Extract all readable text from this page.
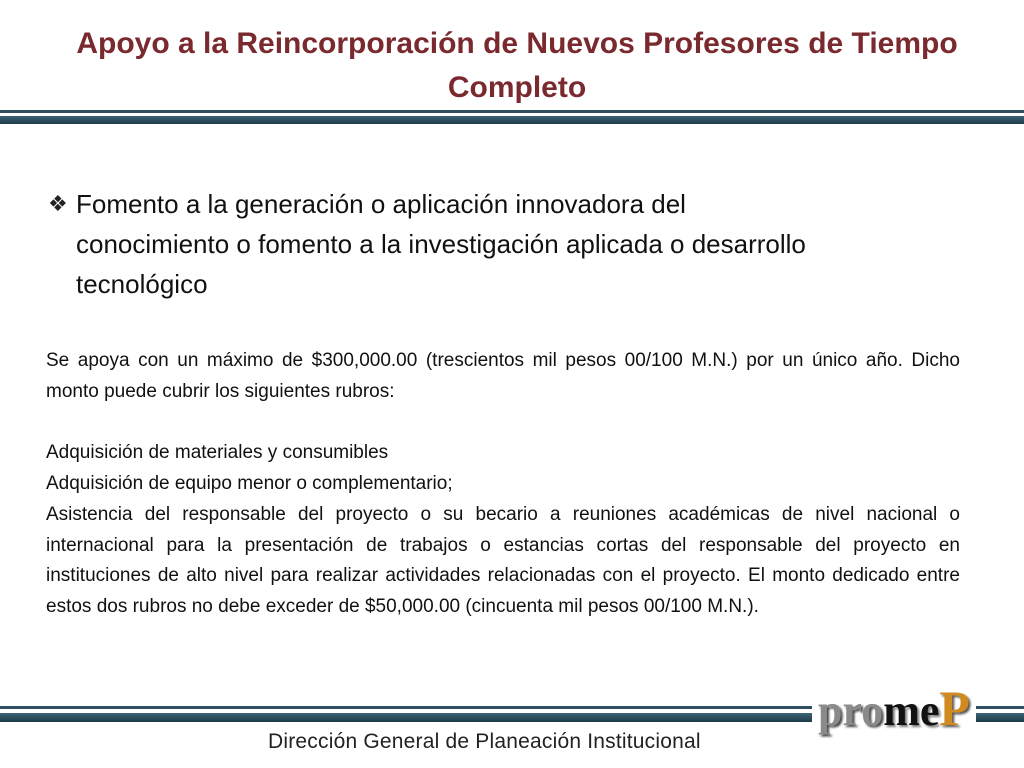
Apoyo a la Reincorporación de Nuevos Profesores de Tiempo Completo
❖ Fomento a la generación o aplicación innovadora del conocimiento o fomento a la investigación aplicada o desarrollo tecnológico

Se apoya con un máximo de $300,000.00 (trescientos mil pesos 00/100 M.N.) por un único año. Dicho monto puede cubrir los siguientes rubros:

Adquisición de materiales y consumibles

Adquisición de equipo menor o complementario;

Asistencia del responsable del proyecto o su becario a reuniones académicas de nivel nacional o internacional para la presentación de trabajos o estancias cortas del responsable del proyecto en instituciones de alto nivel para realizar actividades relacionadas con el proyecto. El monto dedicado entre estos dos rubros no debe exceder de $50,000.00 (cincuenta mil pesos 00/100 M.N.).

Dirección General de Planeación Institucional
promeP
